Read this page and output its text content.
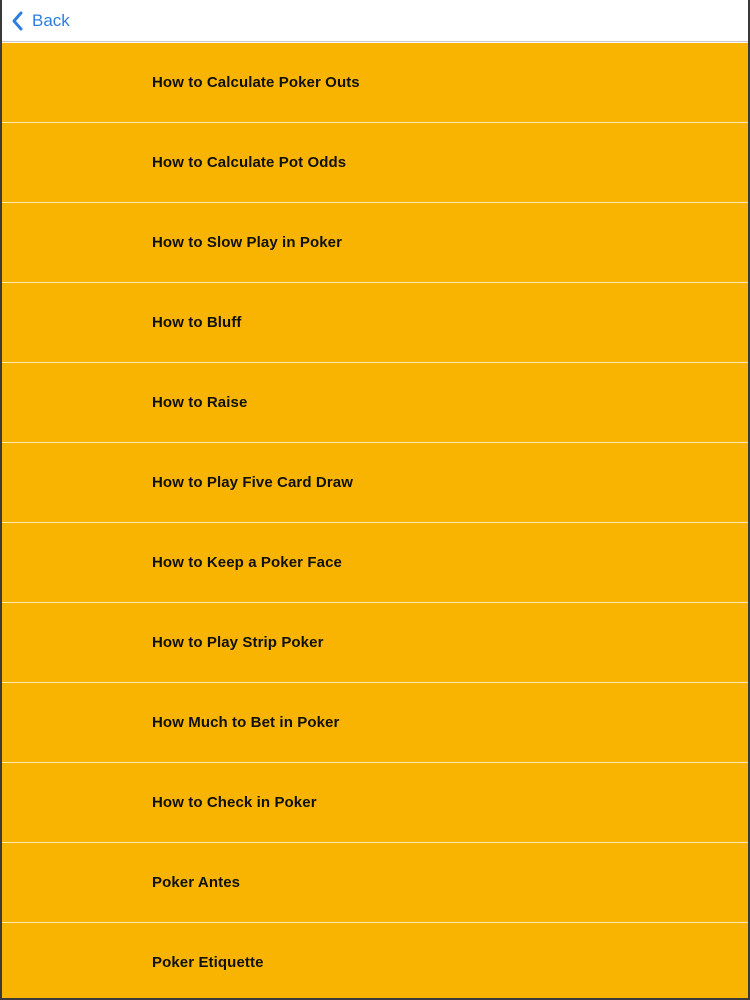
Back
How to Calculate Poker Outs
How to Calculate Pot Odds
How to Slow Play in Poker
How to Bluff
How to Raise
How to Play Five Card Draw
How to Keep a Poker Face
How to Play Strip Poker
How Much to Bet in Poker
How to Check in Poker
Poker Antes
Poker Etiquette
